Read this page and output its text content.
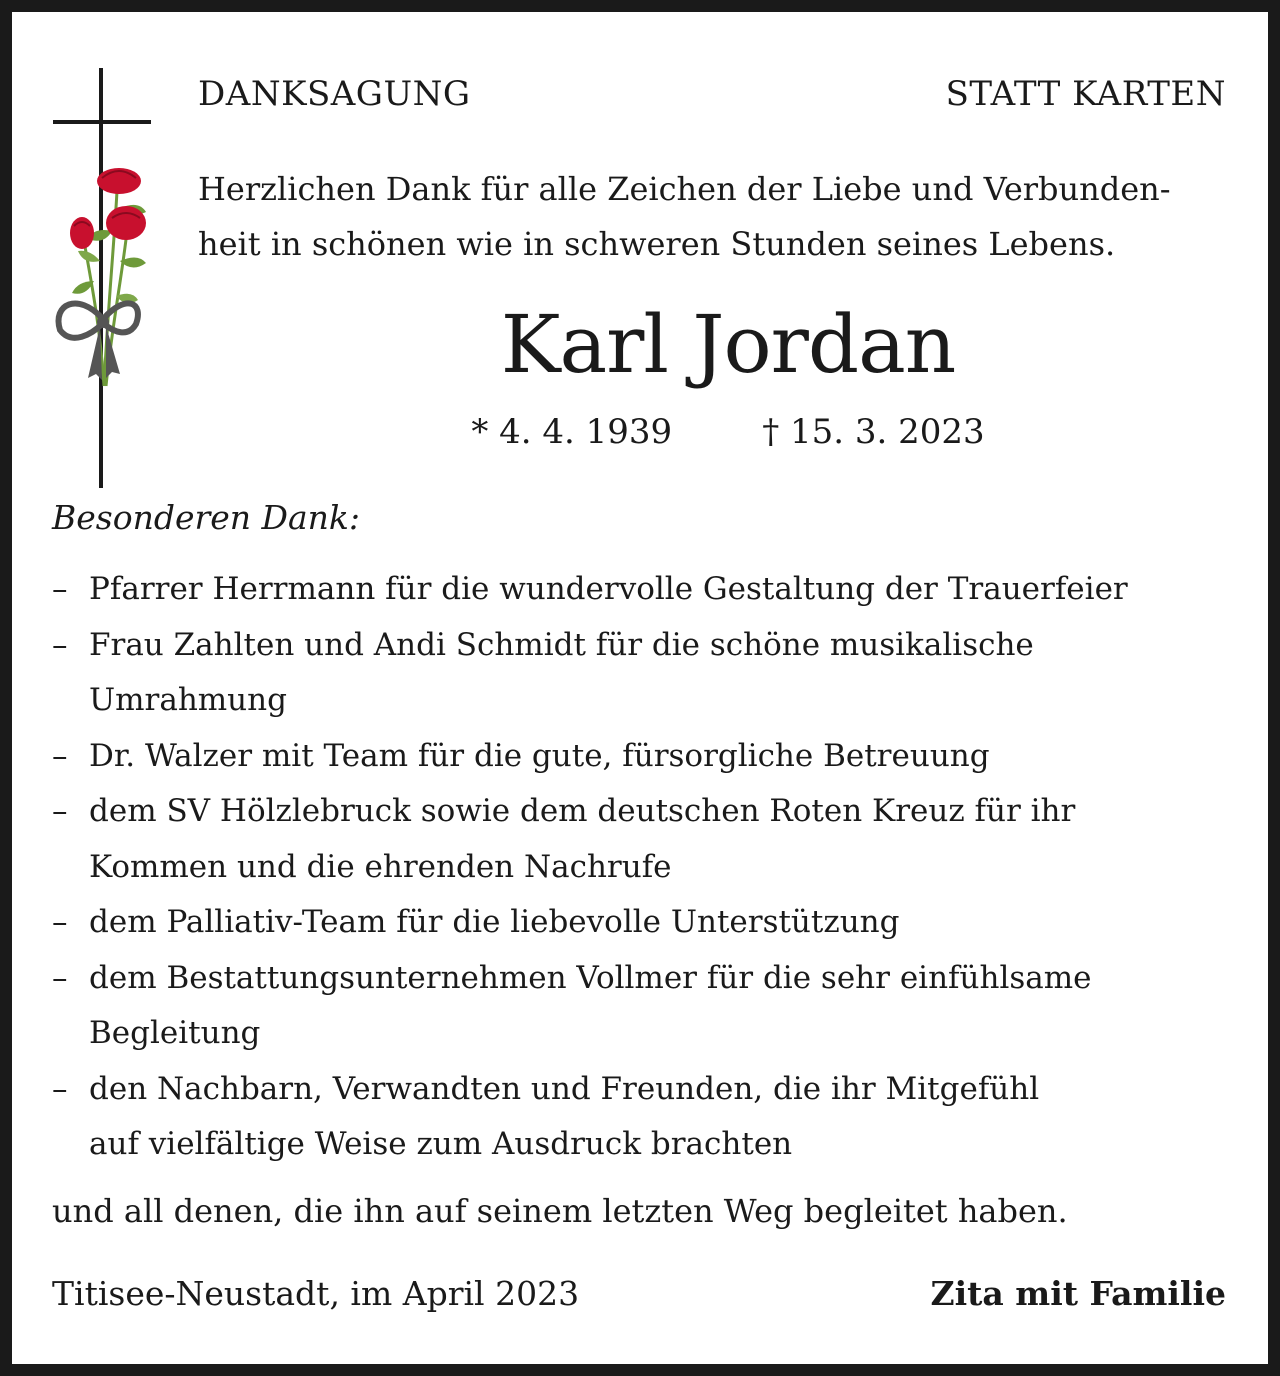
DANKSAGUNG	STATT KARTEN
Herzlichen Dank für alle Zeichen der Liebe und Verbunden-
heit in schönen wie in schweren Stunden seines Lebens.
Karl Jordan
* 4. 4. 1939	† 15. 3. 2023
Besonderen Dank:
– Pfarrer Herrmann für die wundervolle Gestaltung der Trauerfeier
– Frau Zahlten und Andi Schmidt für die schöne musikalische
Umrahmung
– Dr. Walzer mit Team für die gute, fürsorgliche Betreuung
– dem SV Hölzlebruck sowie dem deutschen Roten Kreuz für ihr
Kommen und die ehrenden Nachrufe
– dem Palliativ-Team für die liebevolle Unterstützung
– dem Bestattungsunternehmen Vollmer für die sehr einfühlsame
Begleitung
– den Nachbarn, Verwandten und Freunden, die ihr Mitgefühl
auf vielfältige Weise zum Ausdruck brachten
und all denen, die ihn auf seinem letzten Weg begleitet haben.
Titisee-Neustadt, im April 2023	Zita mit Familie
